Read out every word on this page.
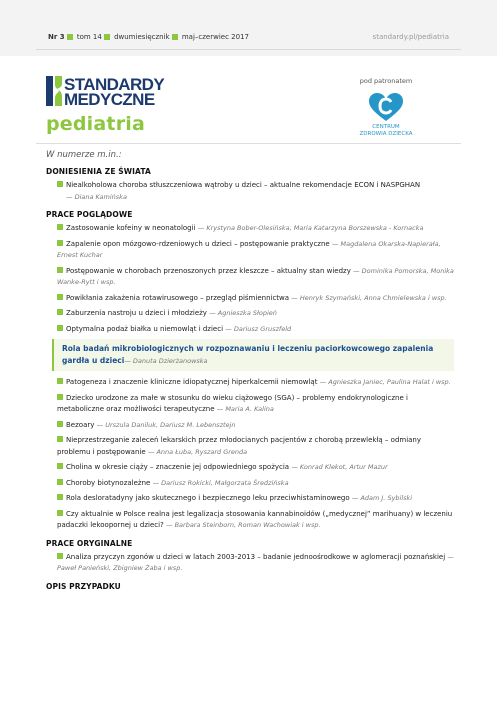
Nr 3 tom 14 dwumiesięcznik maj–czerwiec 2017	standardy.pl/pediatria
STANDARDY
MEDYCZNE
pediatria
pod patronatem
CENTRUM
ZDROWIA DZIECKA
W numerze m.in.:
DONIESIENIA ZE ŚWIATA
Niealkoholowa choroba stłuszczeniowa wątroby u dzieci – aktualne rekomendacje ECON i NASPGHAN
— Diana Kamińska
PRACE POGLĄDOWE
Zastosowanie kofeiny w neonatologii — Krystyna Bober-Olesińska, Maria Katarzyna Borszewska - Kornacka
Zapalenie opon mózgowo-rdzeniowych u dzieci – postępowanie praktyczne — Magdalena Okarska-Napierała, Ernest Kuchar
Postępowanie w chorobach przenoszonych przez kleszcze – aktualny stan wiedzy — Dominika Pomorska, Monika Wanke-Rytt i wsp.
Powikłania zakażenia rotawirusowego – przegląd piśmiennictwa — Henryk Szymański, Anna Chmielewska i wsp.
Zaburzenia nastroju u dzieci i młodzieży — Agnieszka Słopień
Optymalna podaż białka u niemowląt i dzieci — Dariusz Gruszfeld
Rola badań mikrobiologicznych w rozpoznawaniu i leczeniu paciorkowcowego zapalenia gardła u dzieci— Danuta Dzierżanowska
Patogeneza i znaczenie kliniczne idiopatycznej hiperkalcemii niemowląt — Agnieszka Janiec, Paulina Halat i wsp.
Dziecko urodzone za małe w stosunku do wieku ciążowego (SGA) – problemy endokrynologiczne i metaboliczne oraz możliwości terapeutyczne — Maria A. Kalina
Bezoary — Urszula Daniluk, Dariusz M. Lebensztejn
Nieprzestrzeganie zaleceń lekarskich przez młodocianych pacjentów z chorobą przewlekłą – odmiany problemu i postępowanie — Anna Łuba, Ryszard Grenda
Cholina w okresie ciąży – znaczenie jej odpowiedniego spożycia — Konrad Klekot, Artur Mazur
Choroby biotynozależne — Dariusz Rokicki, Małgorzata Średzińska
Rola desloratadyny jako skutecznego i bezpiecznego leku przeciwhistaminowego — Adam J. Sybilski
Czy aktualnie w Polsce realna jest legalizacja stosowania kannabinoidów („medycznej” marihuany) w leczeniu padaczki lekoopornej u dzieci? — Barbara Steinborn, Roman Wachowiak i wsp.
PRACE ORYGINALNE
Analiza przyczyn zgonów u dzieci w latach 2003-2013 – badanie jednoośrodkowe w aglomeracji poznańskiej — Paweł Panieński, Zbigniew Żaba i wsp.
OPIS PRZYPADKU
